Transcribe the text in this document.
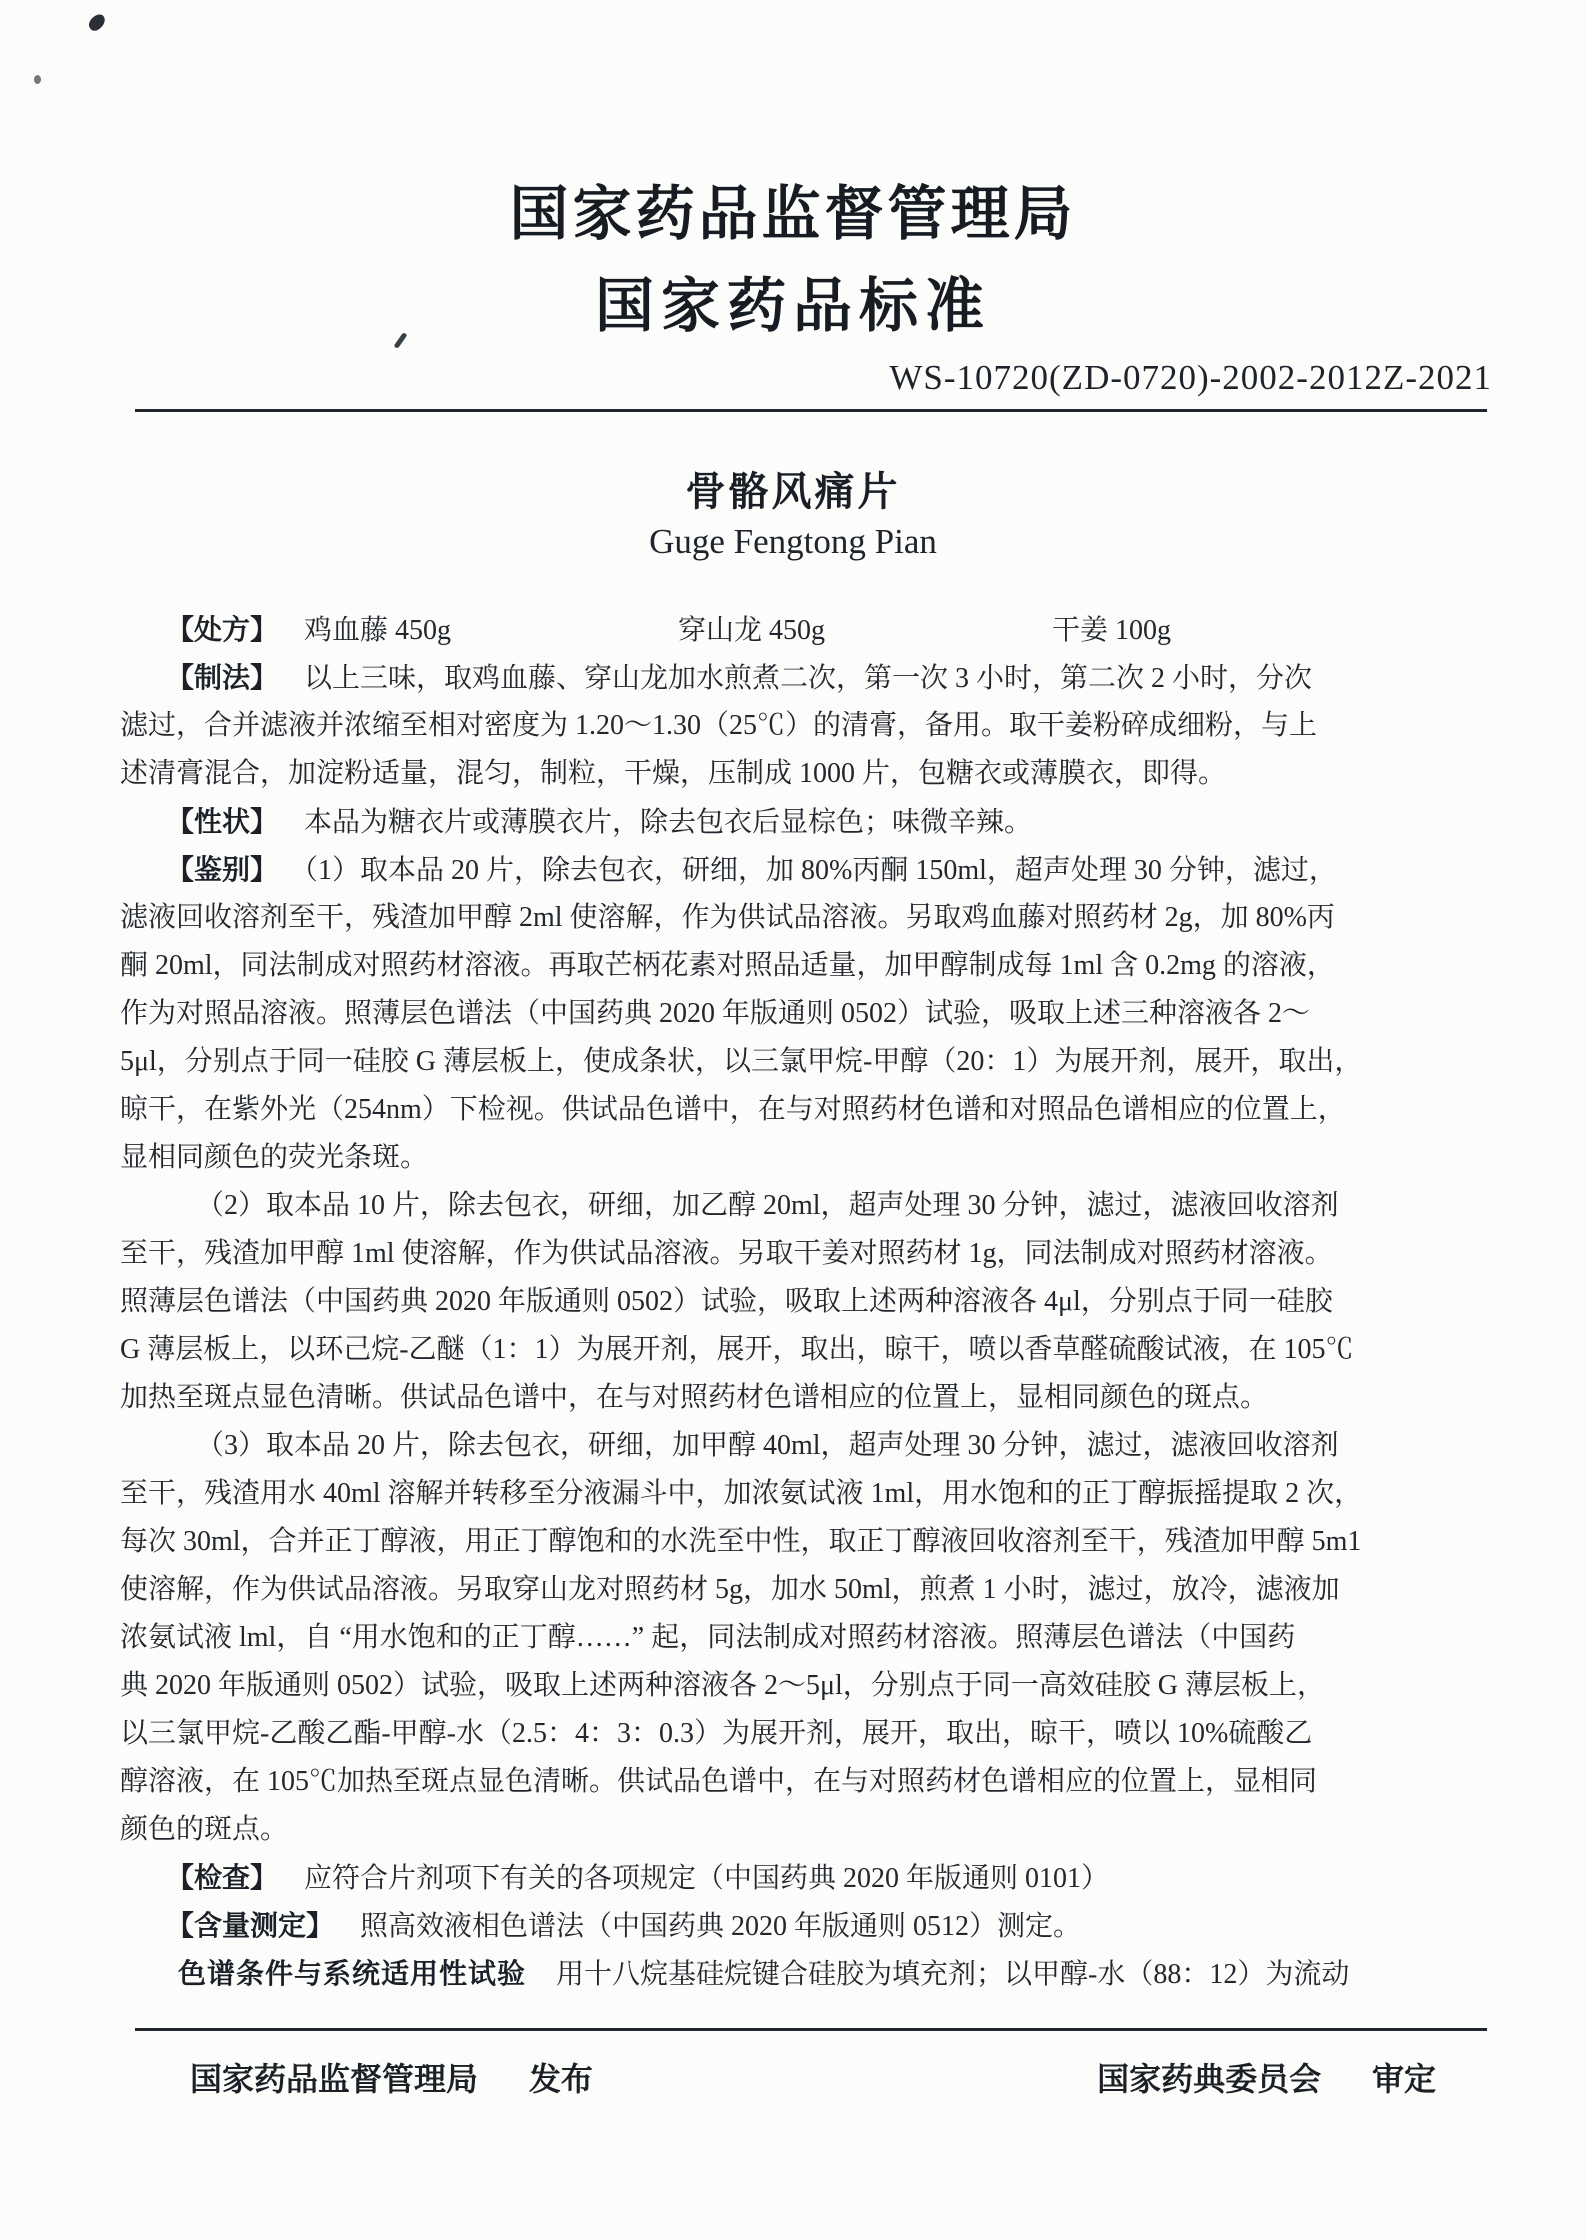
国家药品监督管理局
国家药品标准
WS-10720(ZD-0720)-2002-2012Z-2021
骨骼风痛片
Guge Fengtong Pian
【处方】 鸡血藤 450g	穿山龙 450g	干姜 100g
【制法】 以上三味，取鸡血藤、穿山龙加水煎煮二次，第一次 3 小时，第二次 2 小时，分次
滤过，合并滤液并浓缩至相对密度为 1.20～1.30（25℃）的清膏，备用。取干姜粉碎成细粉，与上
述清膏混合，加淀粉适量，混匀，制粒，干燥，压制成 1000 片，包糖衣或薄膜衣，即得。
【性状】 本品为糖衣片或薄膜衣片，除去包衣后显棕色；味微辛辣。
【鉴别】 （1）取本品 20 片，除去包衣，研细，加 80%丙酮 150ml，超声处理 30 分钟，滤过，
滤液回收溶剂至干，残渣加甲醇 2ml 使溶解，作为供试品溶液。另取鸡血藤对照药材 2g，加 80%丙
酮 20ml，同法制成对照药材溶液。再取芒柄花素对照品适量，加甲醇制成每 1ml 含 0.2mg 的溶液，
作为对照品溶液。照薄层色谱法（中国药典 2020 年版通则 0502）试验，吸取上述三种溶液各 2～
5μl，分别点于同一硅胶 G 薄层板上，使成条状，以三氯甲烷-甲醇（20：1）为展开剂，展开，取出，
晾干，在紫外光（254nm）下检视。供试品色谱中，在与对照药材色谱和对照品色谱相应的位置上，
显相同颜色的荧光条斑。
（2）取本品 10 片，除去包衣，研细，加乙醇 20ml，超声处理 30 分钟，滤过，滤液回收溶剂
至干，残渣加甲醇 1ml 使溶解，作为供试品溶液。另取干姜对照药材 1g，同法制成对照药材溶液。
照薄层色谱法（中国药典 2020 年版通则 0502）试验，吸取上述两种溶液各 4μl，分别点于同一硅胶
G 薄层板上，以环己烷-乙醚（1：1）为展开剂，展开，取出，晾干，喷以香草醛硫酸试液，在 105℃
加热至斑点显色清晰。供试品色谱中，在与对照药材色谱相应的位置上，显相同颜色的斑点。
（3）取本品 20 片，除去包衣，研细，加甲醇 40ml，超声处理 30 分钟，滤过，滤液回收溶剂
至干，残渣用水 40ml 溶解并转移至分液漏斗中，加浓氨试液 1ml，用水饱和的正丁醇振摇提取 2 次，
每次 30ml，合并正丁醇液，用正丁醇饱和的水洗至中性，取正丁醇液回收溶剂至干，残渣加甲醇 5m1
使溶解，作为供试品溶液。另取穿山龙对照药材 5g，加水 50ml，煎煮 1 小时，滤过，放冷，滤液加
浓氨试液 lml，自 “用水饱和的正丁醇……” 起，同法制成对照药材溶液。照薄层色谱法（中国药
典 2020 年版通则 0502）试验，吸取上述两种溶液各 2～5μl，分别点于同一高效硅胶 G 薄层板上，
以三氯甲烷-乙酸乙酯-甲醇-水（2.5：4：3：0.3）为展开剂，展开，取出，晾干，喷以 10%硫酸乙
醇溶液，在 105℃加热至斑点显色清晰。供试品色谱中，在与对照药材色谱相应的位置上，显相同
颜色的斑点。
【检查】 应符合片剂项下有关的各项规定（中国药典 2020 年版通则 0101）
【含量测定】 照高效液相色谱法（中国药典 2020 年版通则 0512）测定。
色谱条件与系统适用性试验 用十八烷基硅烷键合硅胶为填充剂；以甲醇-水（88：12）为流动
国家药品监督管理局 发布	国家药典委员会 审定
